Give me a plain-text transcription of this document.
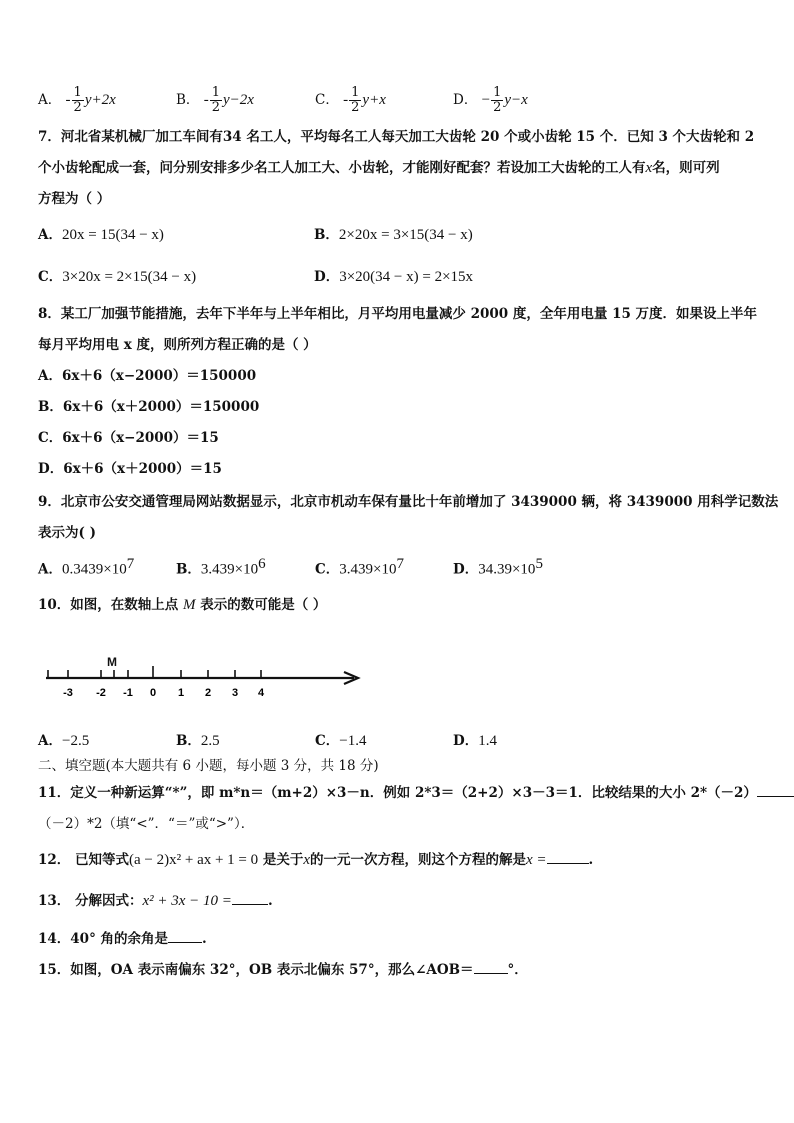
A． - $\frac{1}{2} y+2x$	B． - $\frac{1}{2} y-2x$	C． - $\frac{1}{2} y+x$	D． − $\frac{1}{2} y-x$
7．河北省某机械厂加工车间有34 名工人，平均每名工人每天加工大齿轮 20 个或小齿轮 15 个．已知 3 个大齿轮和 2
个小齿轮配成一套，问分别安排多少名工人加工大、小齿轮，才能刚好配套？若设加工大齿轮的工人有x名，则可列
方程为（ ）
A．20x = 15(34 − x)	B．2×20x = 3×15(34 − x)
C．3×20x = 2×15(34 − x)	D．3×20(34 − x) = 2×15x
8．某工厂加强节能措施，去年下半年与上半年相比，月平均用电量减少 2000 度，全年用电量 15 万度．如果设上半年
每月平均用电 x 度，则所列方程正确的是（ ）
A．6x＋6（x−2000）＝150000
B．6x＋6（x＋2000）＝150000
C．6x＋6（x−2000）＝15
D．6x＋6（x＋2000）＝15
9．北京市公安交通管理局网站数据显示，北京市机动车保有量比十年前增加了 3439000 辆，将 3439000 用科学记数法
表示为( )
A．$0.3439\times 10^7$	B．$3.439\times 10^6$	C．$3.439\times 10^7$	D．$34.39\times 10^5$
10．如图，在数轴上点 M 表示的数可能是（ ）
-3 -2 -1 0 1 2 3 4
M
A．−2.5	B．2.5	C．−1.4	D．1.4
二、填空题(本大题共有 6 小题，每小题 3 分，共 18 分)
11．定义一种新运算“*”，即 m*n＝（m+2）×3－n．例如 2*3＝（2+2）×3－3＝1．比较结果的大小 2*（－2）
（－2）*2（填“<”．“＝”或“>”）．
12． 已知等式(a − 2)x² + ax + 1 = 0 是关于x的一元一次方程，则这个方程的解是x =	.
13． 分解因式：x² + 3x − 10 =	.
14．40° 角的余角是	.
15．如图，OA 表示南偏东 32°，OB 表示北偏东 57°，那么∠AOB＝	°．
